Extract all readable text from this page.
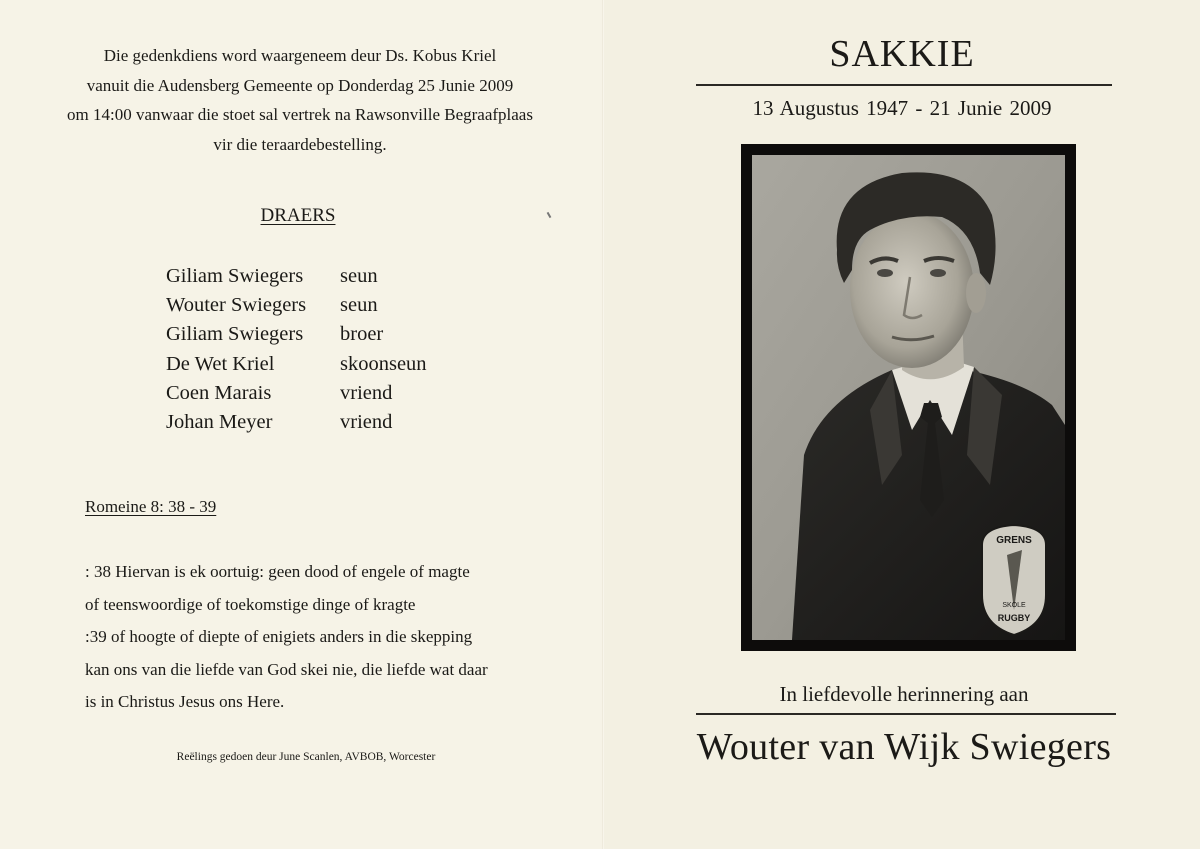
Die gedenkdiens word waargeneem deur Ds. Kobus Kriel
vanuit die Audensberg Gemeente op Donderdag 25 Junie 2009
om 14:00 vanwaar die stoet sal vertrek na Rawsonville Begraafplaas
vir die teraardebestelling.
DRAERS
Giliam Swiegers	seun
Wouter Swiegers	seun
Giliam Swiegers	broer
De Wet Kriel	skoonseun
Coen Marais	vriend
Johan Meyer	vriend
Romeine 8: 38 - 39
: 38 Hiervan is ek oortuig: geen dood of engele of magte
of teenswoordige of toekomstige dinge of kragte
:39 of hoogte of diepte of enigiets anders in die skepping
kan ons van die liefde van God skei nie, die liefde wat daar
is in Christus Jesus ons Here.
Reëlings gedoen deur June Scanlen, AVBOB, Worcester
SAKKIE
13 Augustus 1947 - 21 Junie 2009
GRENS
SKOLE
RUGBY
In liefdevolle herinnering aan
Wouter van Wijk Swiegers
